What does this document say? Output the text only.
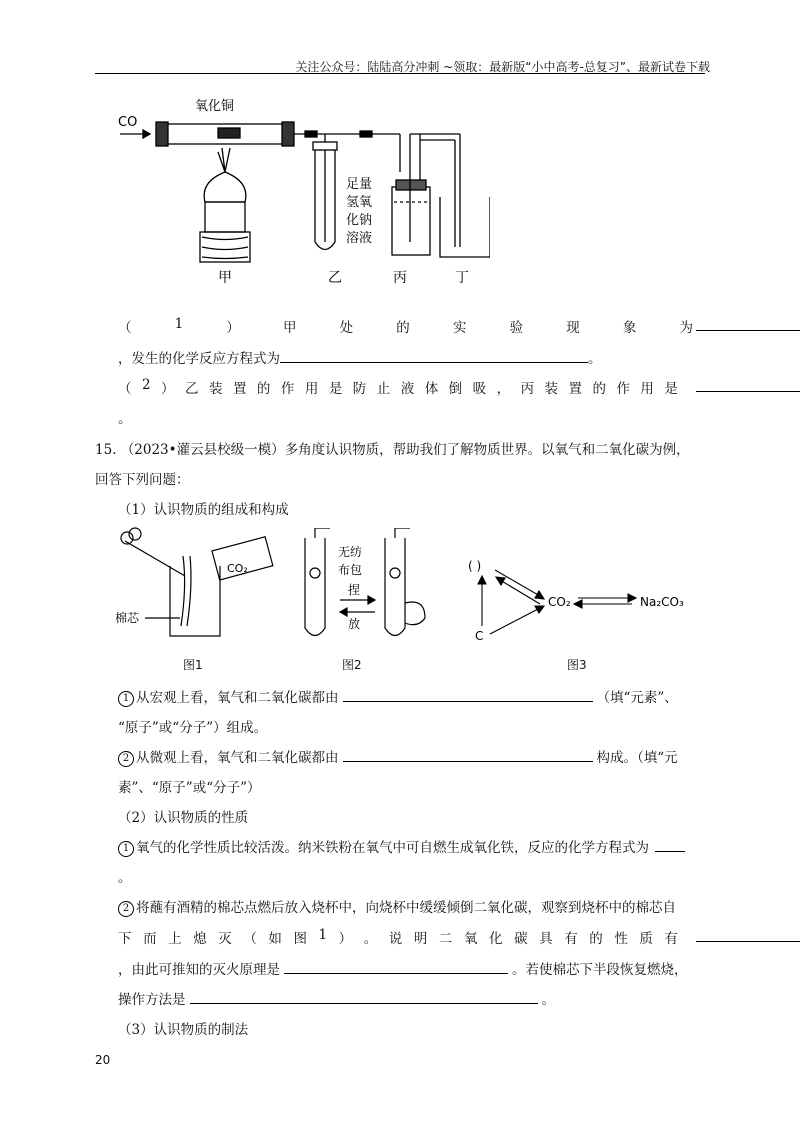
关注公众号：陆陆高分冲刺 ~领取：最新版“小中高考-总复习”、最新试卷下载
CO
氧化铜
足量
氢氧
化钠
溶液
甲	乙	丙	丁
（	1	）	甲	处	的	实	验	现	象	为
，发生的化学反应方程式为	。
（ 2 ） 乙 装 置 的 作 用 是 防 止 液 体 倒 吸 ， 丙 装 置 的 作 用 是
。
15. （2023•灌云县校级一模）多角度认识物质，帮助我们了解物质世界。以氧气和二氧化碳为例，
回答下列问题：
（1）认识物质的组成和构成
CO₂
棉芯
图1
无纺
布包
捏
放
图2
( )
CO₂	Na₂CO₃
C
图3
1 从宏观上看，氧气和二氧化碳都由	（填“元素”、
“原子”或“分子”）组成。
2 从微观上看，氧气和二氧化碳都由	构成。（填“元
素”、“原子”或“分子”）
（2）认识物质的性质
1 氧气的化学性质比较活泼。纳米铁粉在氧气中可自燃生成氧化铁，反应的化学方程式为
。
2 将蘸有酒精的棉芯点燃后放入烧杯中，向烧杯中缓缓倾倒二氧化碳，观察到烧杯中的棉芯自
下 而 上 熄 灭 （ 如 图 1 ） 。 说 明 二 氧 化 碳 具 有 的 性 质 有
，由此可推知的灭火原理是	。若使棉芯下半段恢复燃烧，
操作方法是	。
（3）认识物质的制法
20
